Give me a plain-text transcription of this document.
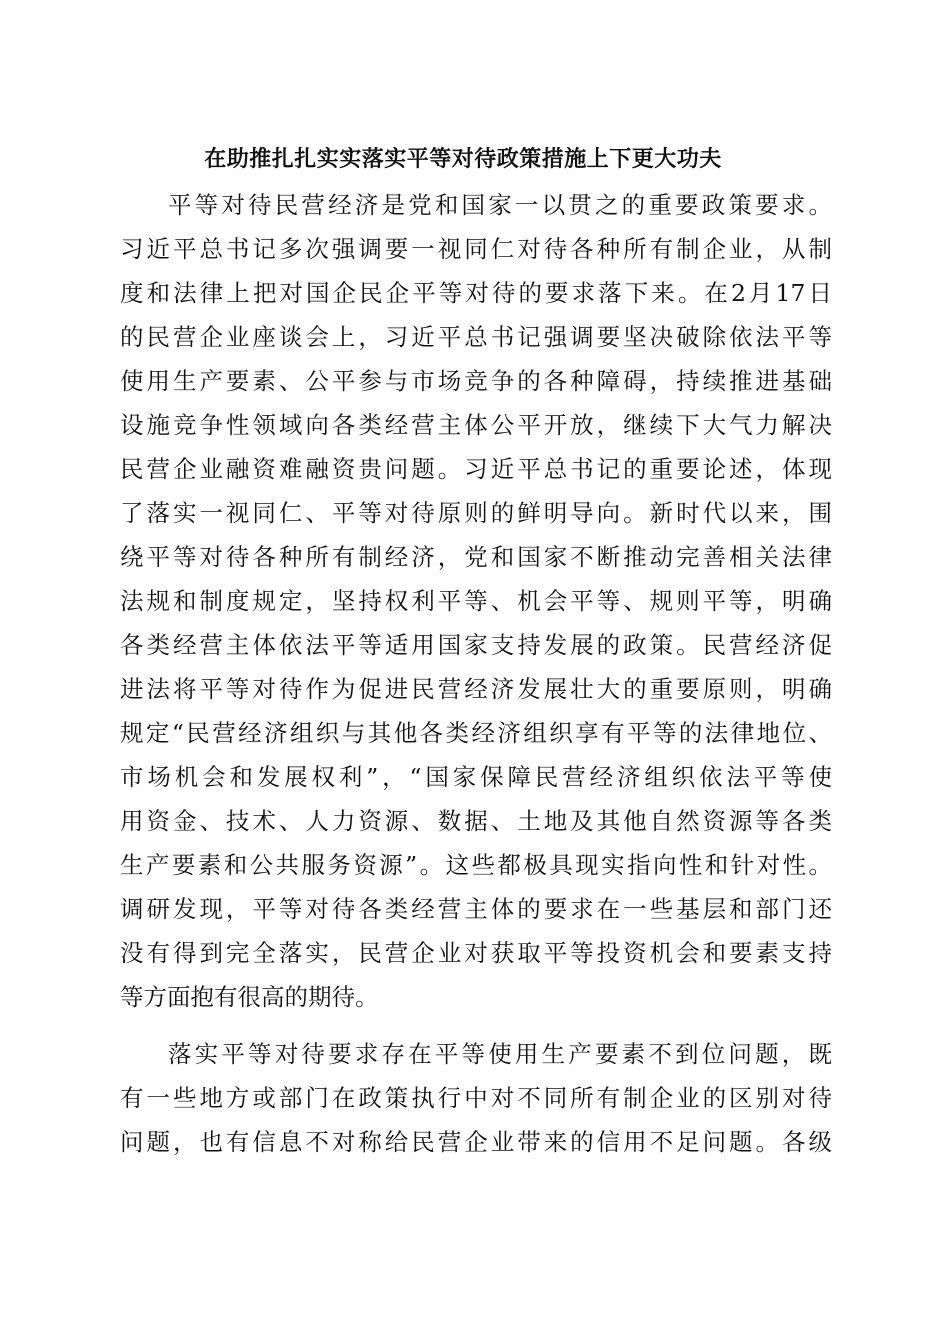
在助推扎扎实实落实平等对待政策措施上下更大功夫
平等对待民营经济是党和国家一以贯之的重要政策要求。
习近平总书记多次强调要一视同仁对待各种所有制企业，从制
度和法律上把对国企民企平等对待的要求落下来。在2月17日
的民营企业座谈会上，习近平总书记强调要坚决破除依法平等
使用生产要素、公平参与市场竞争的各种障碍，持续推进基础
设施竞争性领域向各类经营主体公平开放，继续下大气力解决
民营企业融资难融资贵问题。习近平总书记的重要论述，体现
了落实一视同仁、平等对待原则的鲜明导向。新时代以来，围
绕平等对待各种所有制经济，党和国家不断推动完善相关法律
法规和制度规定，坚持权利平等、机会平等、规则平等，明确
各类经营主体依法平等适用国家支持发展的政策。民营经济促
进法将平等对待作为促进民营经济发展壮大的重要原则，明确
规定“民营经济组织与其他各类经济组织享有平等的法律地位、
市场机会和发展权利”，“国家保障民营经济组织依法平等使
用资金、技术、人力资源、数据、土地及其他自然资源等各类
生产要素和公共服务资源”。这些都极具现实指向性和针对性。
调研发现，平等对待各类经营主体的要求在一些基层和部门还
没有得到完全落实，民营企业对获取平等投资机会和要素支持
等方面抱有很高的期待。
落实平等对待要求存在平等使用生产要素不到位问题，既
有一些地方或部门在政策执行中对不同所有制企业的区别对待
问题，也有信息不对称给民营企业带来的信用不足问题。各级
